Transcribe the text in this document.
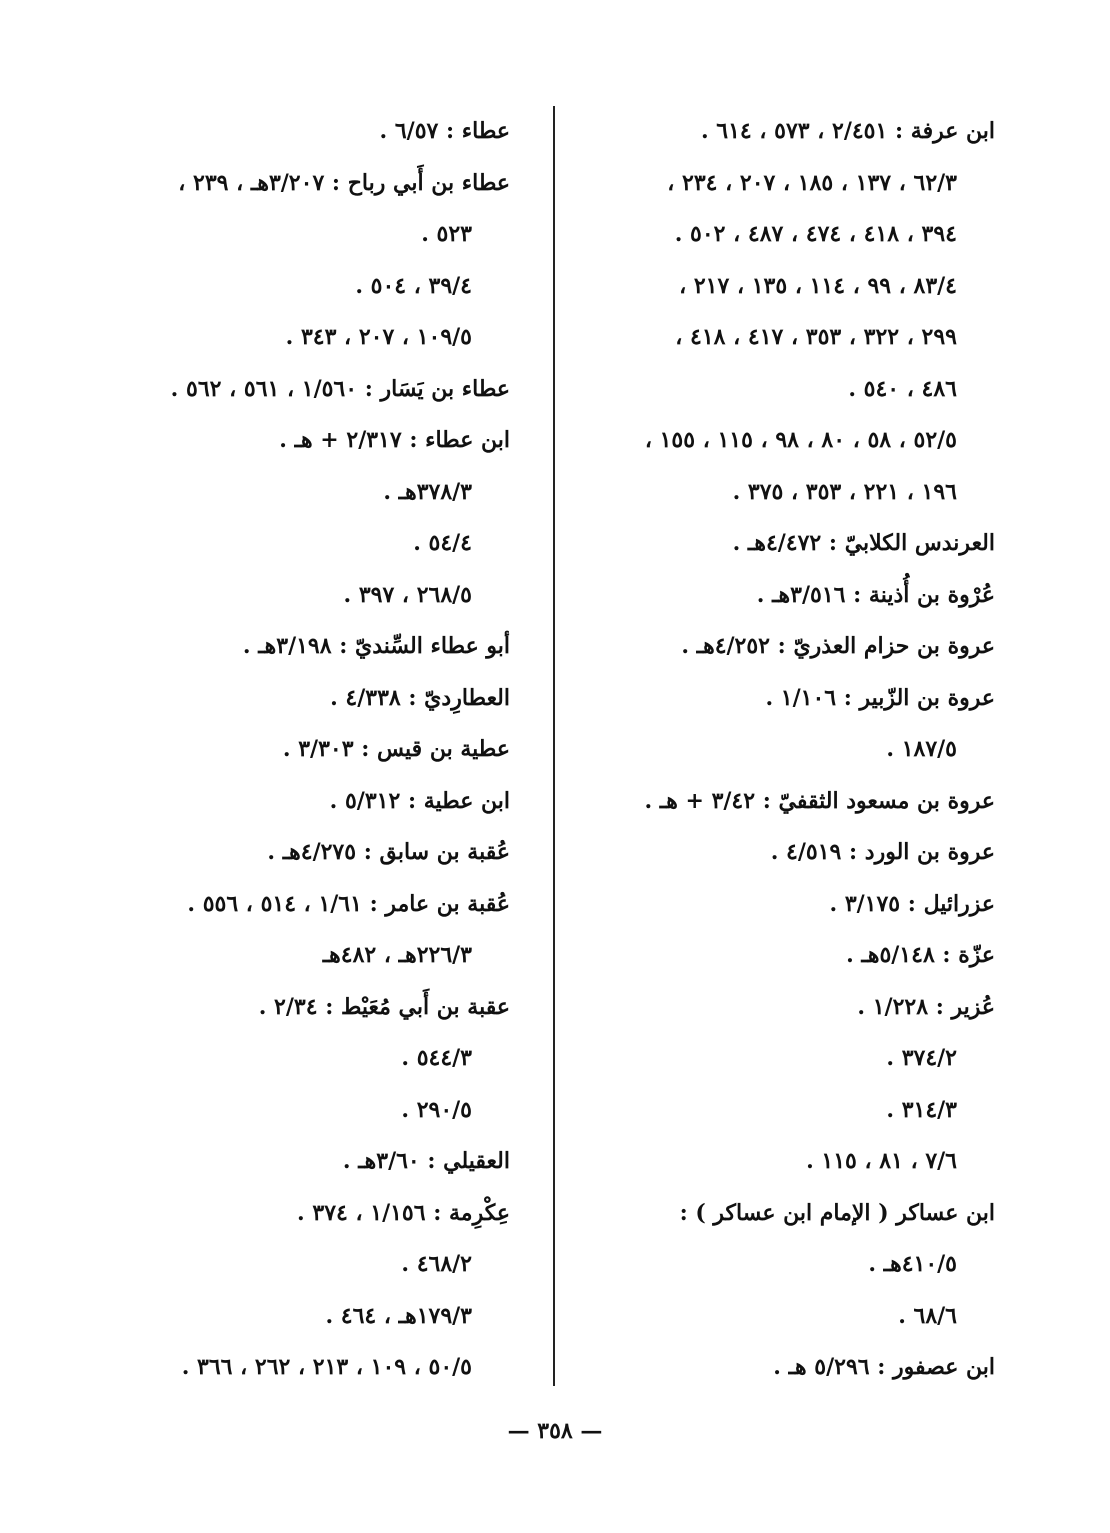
ابن عرفة : ٢/٤٥١ ، ٥٧٣ ، ٦١٤ .
٦٢/٣ ، ١٣٧ ، ١٨٥ ، ٢٠٧ ، ٢٣٤ ،
٣٩٤ ، ٤١٨ ، ٤٧٤ ، ٤٨٧ ، ٥٠٢ .
٨٣/٤ ، ٩٩ ، ١١٤ ، ١٣٥ ، ٢١٧ ،
٢٩٩ ، ٣٢٢ ، ٣٥٣ ، ٤١٧ ، ٤١٨ ،
٤٨٦ ، ٥٤٠ .
٥٢/٥ ، ٥٨ ، ٨٠ ، ٩٨ ، ١١٥ ، ١٥٥ ،
١٩٦ ، ٢٢١ ، ٣٥٣ ، ٣٧٥ .
العرندس الكلابيّ : ٤/٤٧٢هـ .
عُرْوة بن أُذينة : ٣/٥١٦هـ .
عروة بن حزام العذريّ : ٤/٢٥٢هـ .
عروة بن الزّبير : ١/١٠٦ .
١٨٧/٥ .
عروة بن مسعود الثقفيّ : ٣/٤٢ + هـ .
عروة بن الورد : ٤/٥١٩ .
عزرائيل : ٣/١٧٥ .
عزّة : ٥/١٤٨هـ .
عُزير : ١/٢٢٨ .
٣٧٤/٢ .
٣١٤/٣ .
٧/٦ ، ٨١ ، ١١٥ .
ابن عساكر ( الإمام ابن عساكر ) :
٤١٠/٥هـ .
٦٨/٦ .
ابن عصفور : ٥/٢٩٦ هـ .
عطاء : ٦/٥٧ .
عطاء بن أَبي رباح : ٣/٢٠٧هـ ، ٢٣٩ ،
٥٢٣ .
٣٩/٤ ، ٥٠٤ .
١٠٩/٥ ، ٢٠٧ ، ٣٤٣ .
عطاء بن يَسَار : ١/٥٦٠ ، ٥٦١ ، ٥٦٢ .
ابن عطاء : ٢/٣١٧ + هـ .
٣٧٨/٣هـ .
٥٤/٤ .
٢٦٨/٥ ، ٣٩٧ .
أبو عطاء السِّنديّ : ٣/١٩٨هـ .
العطارِديّ : ٤/٣٣٨ .
عطية بن قيس : ٣/٣٠٣ .
ابن عطية : ٥/٣١٢ .
عُقبة بن سابق : ٤/٢٧٥هـ .
عُقبة بن عامر : ١/٦١ ، ٥١٤ ، ٥٥٦ .
٢٢٦/٣هـ ، ٤٨٢هـ
عقبة بن أَبي مُعَيْط : ٢/٣٤ .
٥٤٤/٣ .
٢٩٠/٥ .
العقيلي : ٣/٦٠هـ .
عِكْرِمة : ١/١٥٦ ، ٣٧٤ .
٤٦٨/٢ .
١٧٩/٣هـ ، ٤٦٤ .
٥٠/٥ ، ١٠٩ ، ٢١٣ ، ٢٦٢ ، ٣٦٦ .
— ٣٥٨ —
